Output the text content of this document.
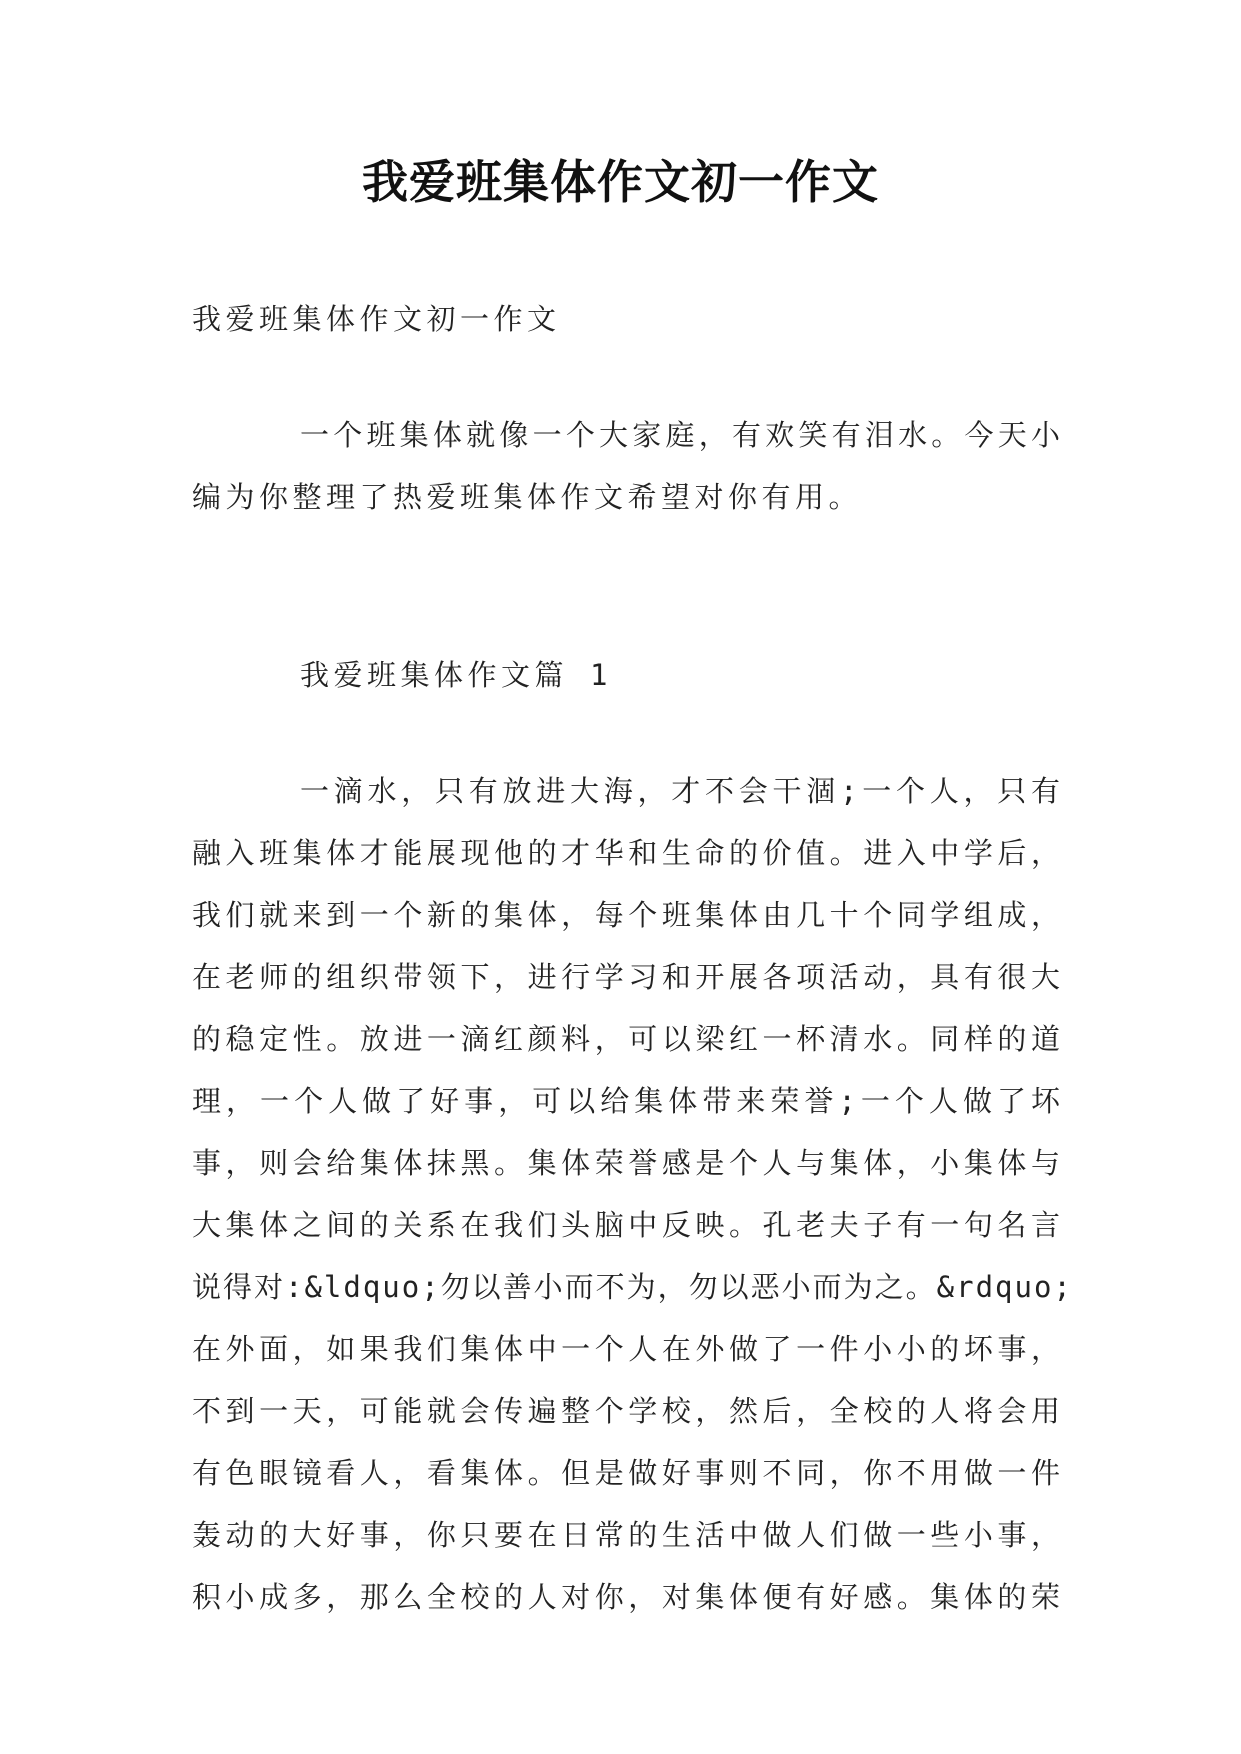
我爱班集体作文初一作文
我爱班集体作文初一作文
一个班集体就像一个大家庭，有欢笑有泪水。今天小
编为你整理了热爱班集体作文希望对你有用。
我爱班集体作文篇 1
一滴水，只有放进大海，才不会干涸;一个人，只有
融入班集体才能展现他的才华和生命的价值。进入中学后，
我们就来到一个新的集体，每个班集体由几十个同学组成，
在老师的组织带领下，进行学习和开展各项活动，具有很大
的稳定性。放进一滴红颜料，可以梁红一杯清水。同样的道
理，一个人做了好事，可以给集体带来荣誉;一个人做了坏
事，则会给集体抹黑。集体荣誉感是个人与集体，小集体与
大集体之间的关系在我们头脑中反映。孔老夫子有一句名言
说得对:&ldquo;勿以善小而不为，勿以恶小而为之。&rdquo;
在外面，如果我们集体中一个人在外做了一件小小的坏事，
不到一天，可能就会传遍整个学校，然后，全校的人将会用
有色眼镜看人，看集体。但是做好事则不同，你不用做一件
轰动的大好事，你只要在日常的生活中做人们做一些小事，
积小成多，那么全校的人对你，对集体便有好感。集体的荣
